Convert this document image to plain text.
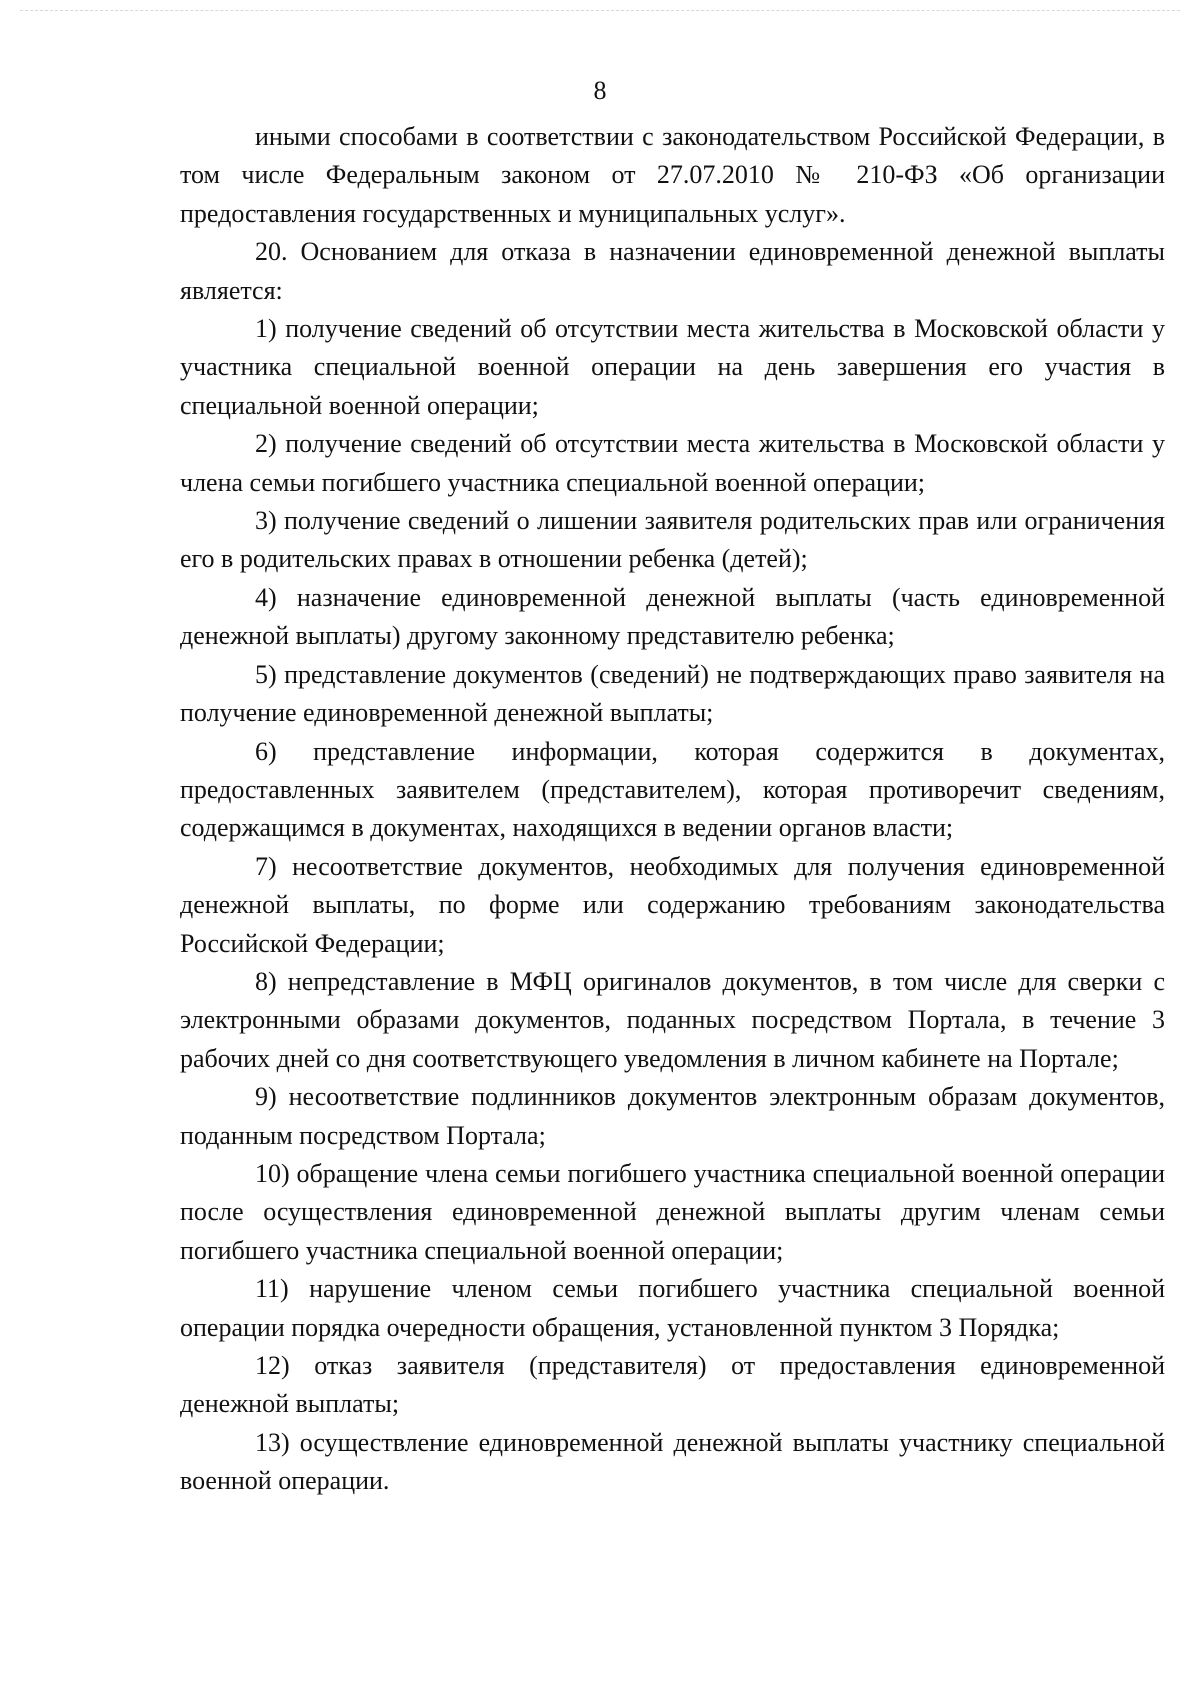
8

иными способами в соответствии с законодательством Российской Федерации, в том числе Федеральным законом от 27.07.2010 № 210-ФЗ «Об организации предоставления государственных и муниципальных услуг».

20. Основанием для отказа в назначении единовременной денежной выплаты является:

1) получение сведений об отсутствии места жительства в Московской области у участника специальной военной операции на день завершения его участия в специальной военной операции;

2) получение сведений об отсутствии места жительства в Московской области у члена семьи погибшего участника специальной военной операции;

3) получение сведений о лишении заявителя родительских прав или ограничения его в родительских правах в отношении ребенка (детей);

4) назначение единовременной денежной выплаты (часть единовременной денежной выплаты) другому законному представителю ребенка;

5) представление документов (сведений) не подтверждающих право заявителя на получение единовременной денежной выплаты;

6) представление информации, которая содержится в документах, предоставленных заявителем (представителем), которая противоречит сведениям, содержащимся в документах, находящихся в ведении органов власти;

7) несоответствие документов, необходимых для получения единовременной денежной выплаты, по форме или содержанию требованиям законодательства Российской Федерации;

8) непредставление в МФЦ оригиналов документов, в том числе для сверки с электронными образами документов, поданных посредством Портала, в течение 3 рабочих дней со дня соответствующего уведомления в личном кабинете на Портале;

9) несоответствие подлинников документов электронным образам документов, поданным посредством Портала;

10) обращение члена семьи погибшего участника специальной военной операции после осуществления единовременной денежной выплаты другим членам семьи погибшего участника специальной военной операции;

11) нарушение членом семьи погибшего участника специальной военной операции порядка очередности обращения, установленной пунктом 3 Порядка;

12) отказ заявителя (представителя) от предоставления единовременной денежной выплаты;

13) осуществление единовременной денежной выплаты участнику специальной военной операции.
